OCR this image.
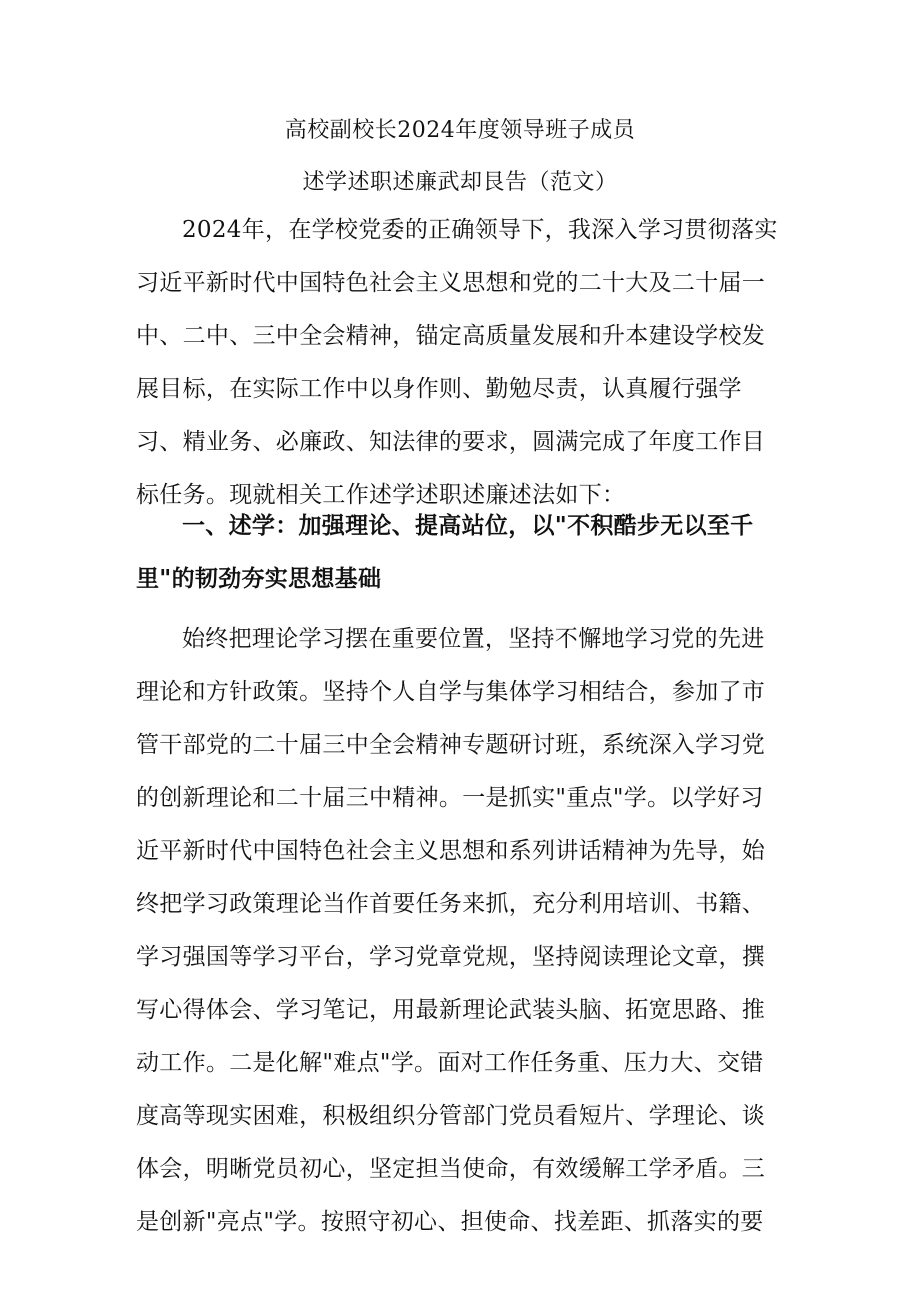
高校副校长2024年度领导班子成员
述学述职述廉武却艮告（范文）
2024年，在学校党委的正确领导下，我深入学习贯彻落实
习近平新时代中国特色社会主义思想和党的二十大及二十届一
中、二中、三中全会精神，锚定高质量发展和升本建设学校发
展目标，在实际工作中以身作则、勤勉尽责，认真履行强学
习、精业务、必廉政、知法律的要求，圆满完成了年度工作目
标任务。现就相关工作述学述职述廉述法如下：
一、述学：加强理论、提高站位，以"不积酷步无以至千
里"的韧劲夯实思想基础
始终把理论学习摆在重要位置，坚持不懈地学习党的先进
理论和方针政策。坚持个人自学与集体学习相结合，参加了市
管干部党的二十届三中全会精神专题研讨班，系统深入学习党
的创新理论和二十届三中精神。一是抓实"重点"学。以学好习
近平新时代中国特色社会主义思想和系列讲话精神为先导，始
终把学习政策理论当作首要任务来抓，充分利用培训、书籍、
学习强国等学习平台，学习党章党规，坚持阅读理论文章，撰
写心得体会、学习笔记，用最新理论武装头脑、拓宽思路、推
动工作。二是化解"难点"学。面对工作任务重、压力大、交错
度高等现实困难，积极组织分管部门党员看短片、学理论、谈
体会，明晰党员初心，坚定担当使命，有效缓解工学矛盾。三
是创新"亮点"学。按照守初心、担使命、找差距、抓落实的要
